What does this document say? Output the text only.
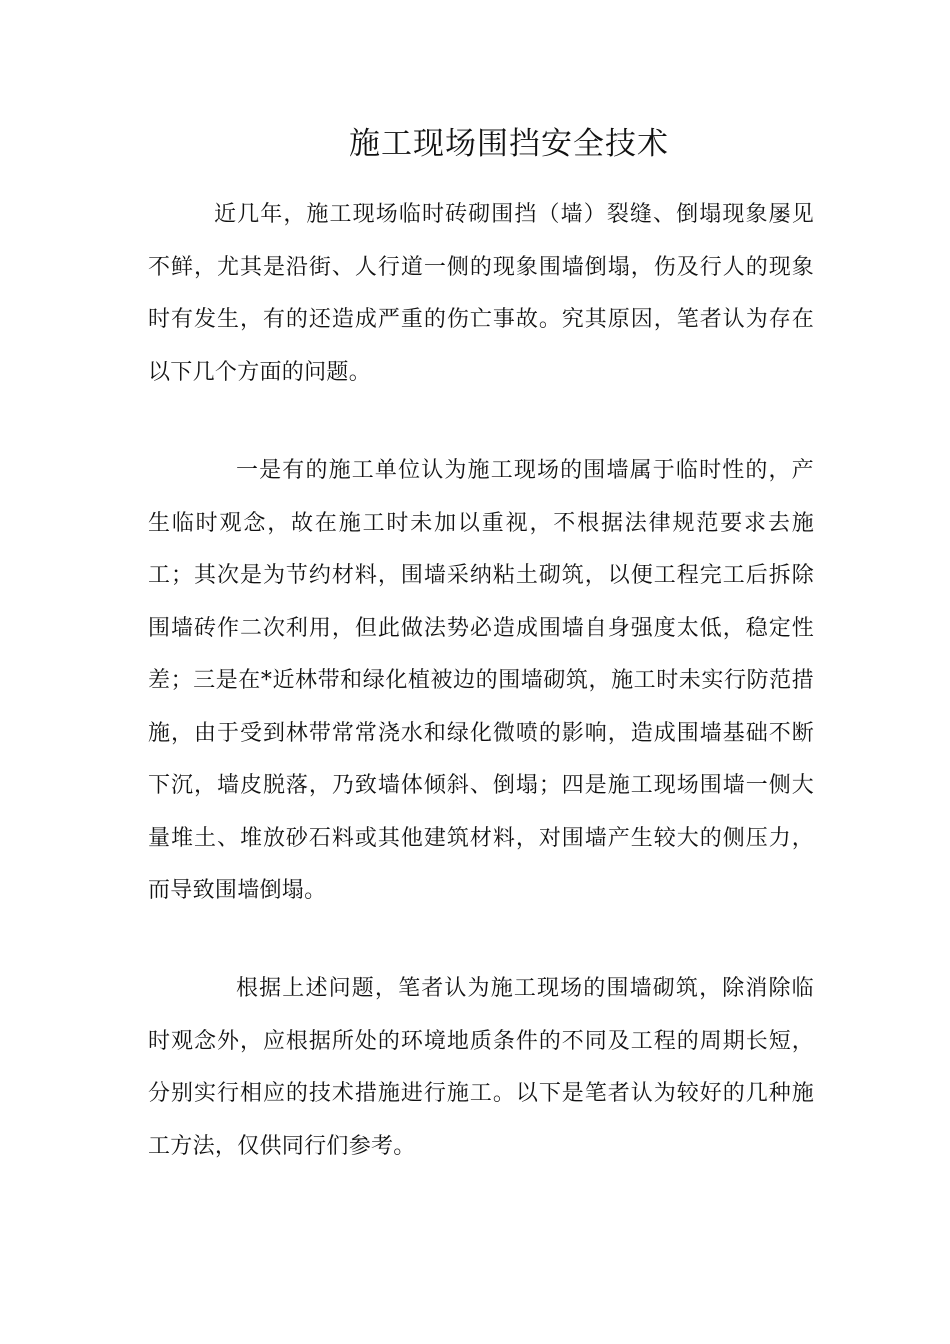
施工现场围挡安全技术

近几年，施工现场临时砖砌围挡（墙）裂缝、倒塌现象屡见不鲜，尤其是沿街、人行道一侧的现象围墙倒塌，伤及行人的现象时有发生，有的还造成严重的伤亡事故。究其原因，笔者认为存在以下几个方面的问题。

一是有的施工单位认为施工现场的围墙属于临时性的，产生临时观念，故在施工时未加以重视，不根据法律规范要求去施工；其次是为节约材料，围墙采纳粘土砌筑，以便工程完工后拆除围墙砖作二次利用，但此做法势必造成围墙自身强度太低，稳定性差；三是在*近林带和绿化植被边的围墙砌筑，施工时未实行防范措施，由于受到林带常常浇水和绿化微喷的影响，造成围墙基础不断下沉，墙皮脱落，乃致墙体倾斜、倒塌；四是施工现场围墙一侧大量堆土、堆放砂石料或其他建筑材料，对围墙产生较大的侧压力，而导致围墙倒塌。

根据上述问题，笔者认为施工现场的围墙砌筑，除消除临时观念外，应根据所处的环境地质条件的不同及工程的周期长短，分别实行相应的技术措施进行施工。以下是笔者认为较好的几种施工方法，仅供同行们参考。
